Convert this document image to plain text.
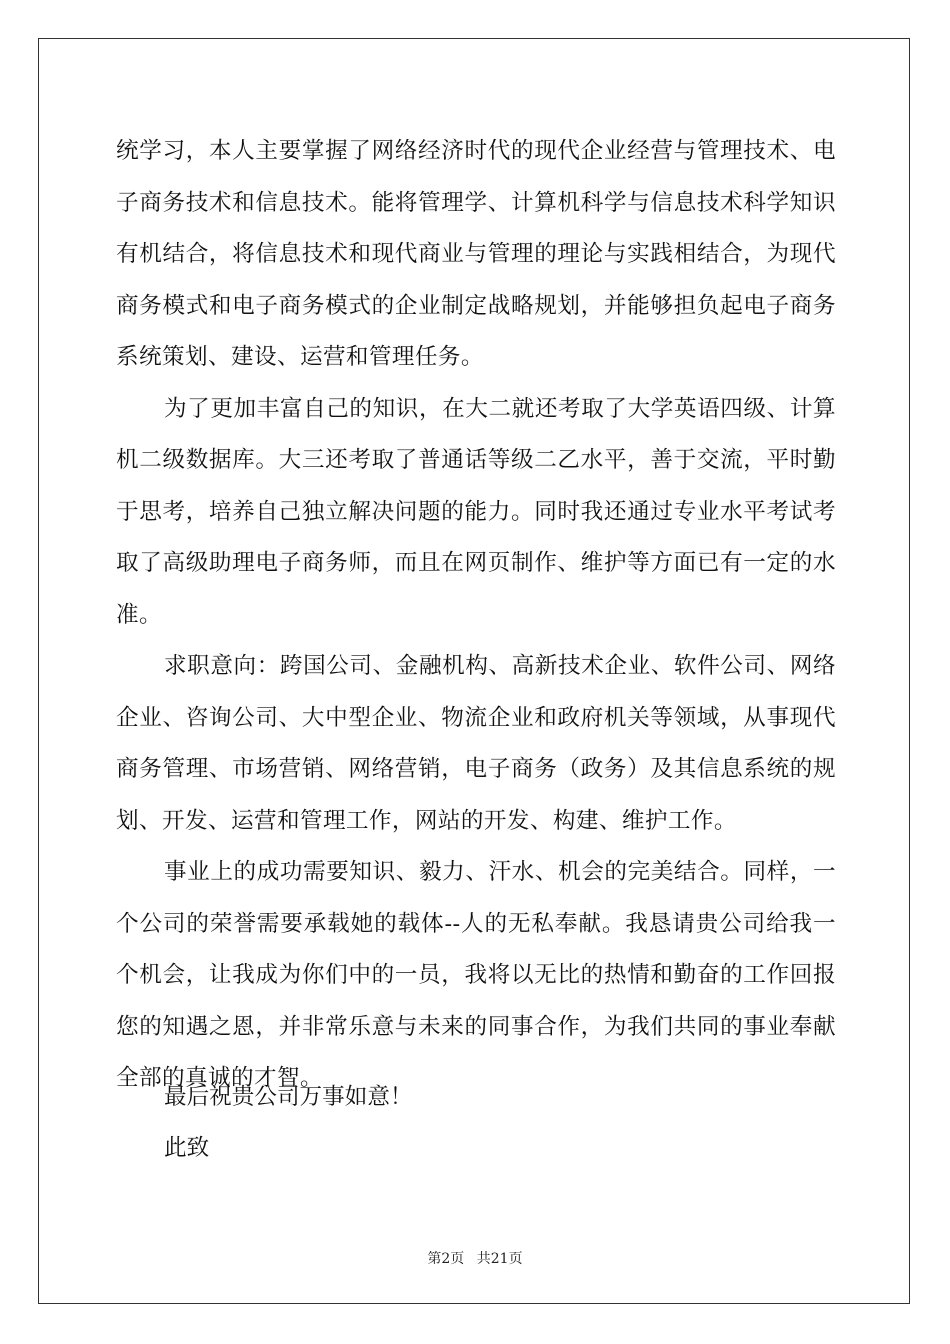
统学习，本人主要掌握了网络经济时代的现代企业经营与管理技术、电子商务技术和信息技术。能将管理学、计算机科学与信息技术科学知识有机结合，将信息技术和现代商业与管理的理论与实践相结合，为现代商务模式和电子商务模式的企业制定战略规划，并能够担负起电子商务系统策划、建设、运营和管理任务。

为了更加丰富自己的知识，在大二就还考取了大学英语四级、计算机二级数据库。大三还考取了普通话等级二乙水平，善于交流，平时勤于思考，培养自己独立解决问题的能力。同时我还通过专业水平考试考取了高级助理电子商务师，而且在网页制作、维护等方面已有一定的水准。

求职意向：跨国公司、金融机构、高新技术企业、软件公司、网络企业、咨询公司、大中型企业、物流企业和政府机关等领域，从事现代商务管理、市场营销、网络营销，电子商务（政务）及其信息系统的规划、开发、运营和管理工作，网站的开发、构建、维护工作。

事业上的成功需要知识、毅力、汗水、机会的完美结合。同样，一个公司的荣誉需要承载她的载体--人的无私奉献。我恳请贵公司给我一个机会，让我成为你们中的一员，我将以无比的热情和勤奋的工作回报您的知遇之恩，并非常乐意与未来的同事合作，为我们共同的事业奉献全部的真诚的才智。

最后祝贵公司万事如意！

此致

第2页 共21页
